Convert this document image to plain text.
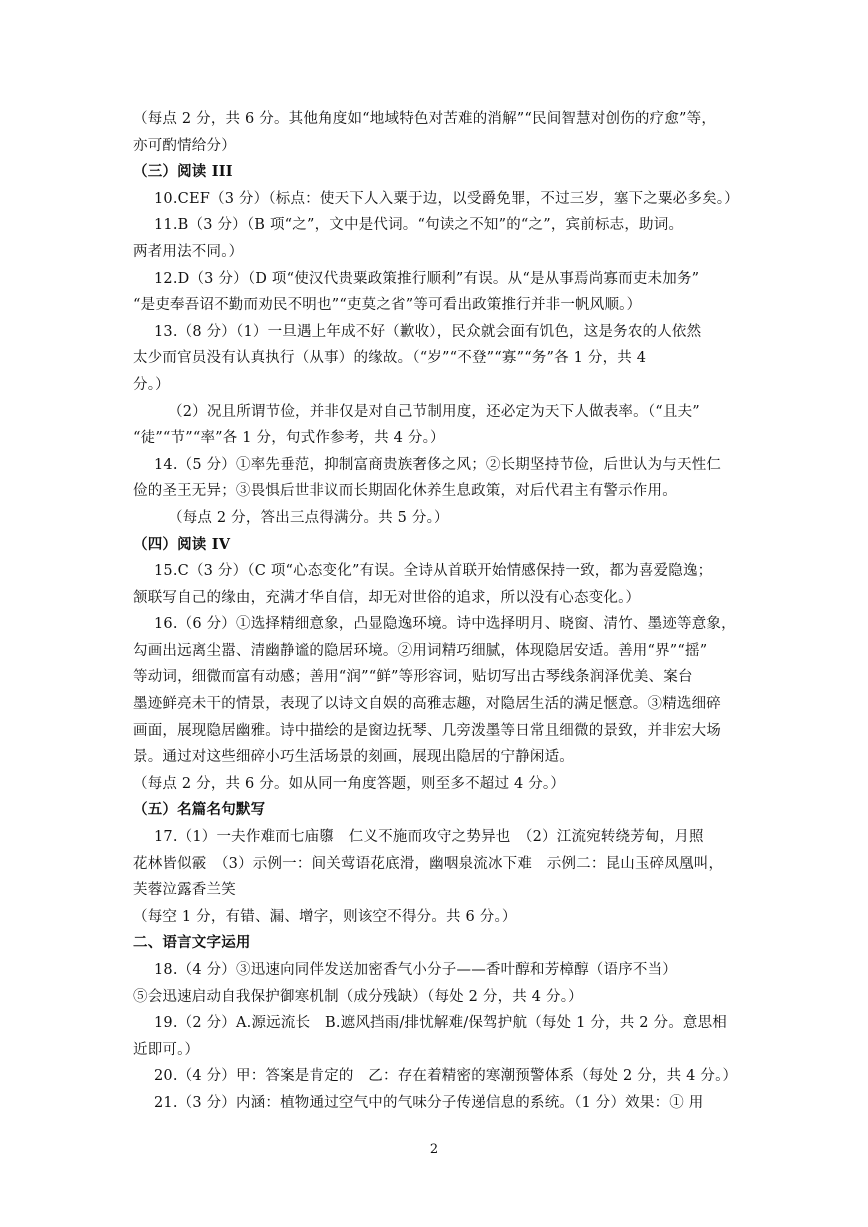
（每点 2 分，共 6 分。其他角度如“地域特色对苦难的消解”“民间智慧对创伤的疗愈”等，
亦可酌情给分）
（三）阅读 III
10.CEF（3 分）（标点：使天下人入粟于边，以受爵免罪，不过三岁，塞下之粟必多矣。）
11.B（3 分）（B 项“之”，文中是代词。“句读之不知”的“之”，宾前标志，助词。
两者用法不同。）
12.D（3 分）（D 项“使汉代贵粟政策推行顺利”有误。从“是从事焉尚寡而吏未加务”
“是吏奉吾诏不勤而劝民不明也”“吏莫之省”等可看出政策推行并非一帆风顺。）
13.（8 分）（1）一旦遇上年成不好（歉收），民众就会面有饥色，这是务农的人依然
太少而官员没有认真执行（从事）的缘故。（“岁”“不登”“寡”“务”各 1 分，共 4
分。）
（2）况且所谓节俭，并非仅是对自己节制用度，还必定为天下人做表率。（“且夫”
“徒”“节”“率”各 1 分，句式作参考，共 4 分。）
14.（5 分）①率先垂范，抑制富商贵族奢侈之风；②长期坚持节俭，后世认为与天性仁
俭的圣王无异；③畏惧后世非议而长期固化休养生息政策，对后代君主有警示作用。
（每点 2 分，答出三点得满分。共 5 分。）
（四）阅读 IV
15.C（3 分）（C 项“心态变化”有误。全诗从首联开始情感保持一致，都为喜爱隐逸；
颔联写自己的缘由，充满才华自信，却无对世俗的追求，所以没有心态变化。）
16.（6 分）①选择精细意象，凸显隐逸环境。诗中选择明月、晓窗、清竹、墨迹等意象，
勾画出远离尘嚣、清幽静谧的隐居环境。②用词精巧细腻，体现隐居安适。善用“界”“摇”
等动词，细微而富有动感；善用“润”“鲜”等形容词，贴切写出古琴线条润泽优美、案台
墨迹鲜亮未干的情景，表现了以诗文自娱的高雅志趣，对隐居生活的满足惬意。③精选细碎
画面，展现隐居幽雅。诗中描绘的是窗边抚琴、几旁泼墨等日常且细微的景致，并非宏大场
景。通过对这些细碎小巧生活场景的刻画，展现出隐居的宁静闲适。
（每点 2 分，共 6 分。如从同一角度答题，则至多不超过 4 分。）
（五）名篇名句默写
17.（1）一夫作难而七庙隳　仁义不施而攻守之势异也　（2）江流宛转绕芳甸，月照
花林皆似霰　（3）示例一：间关莺语花底滑，幽咽泉流冰下难　示例二：昆山玉碎凤凰叫，
芙蓉泣露香兰笑
（每空 1 分，有错、漏、增字，则该空不得分。共 6 分。）
二、语言文字运用
18.（4 分）③迅速向同伴发送加密香气小分子——香叶醇和芳樟醇（语序不当）
⑤会迅速启动自我保护御寒机制（成分残缺）（每处 2 分，共 4 分。）
19.（2 分）A.源远流长　B.遮风挡雨/排忧解难/保驾护航（每处 1 分，共 2 分。意思相
近即可。）
20.（4 分）甲：答案是肯定的　乙：存在着精密的寒潮预警体系（每处 2 分，共 4 分。）
21.（3 分）内涵：植物通过空气中的气味分子传递信息的系统。（1 分）效果：① 用
2
